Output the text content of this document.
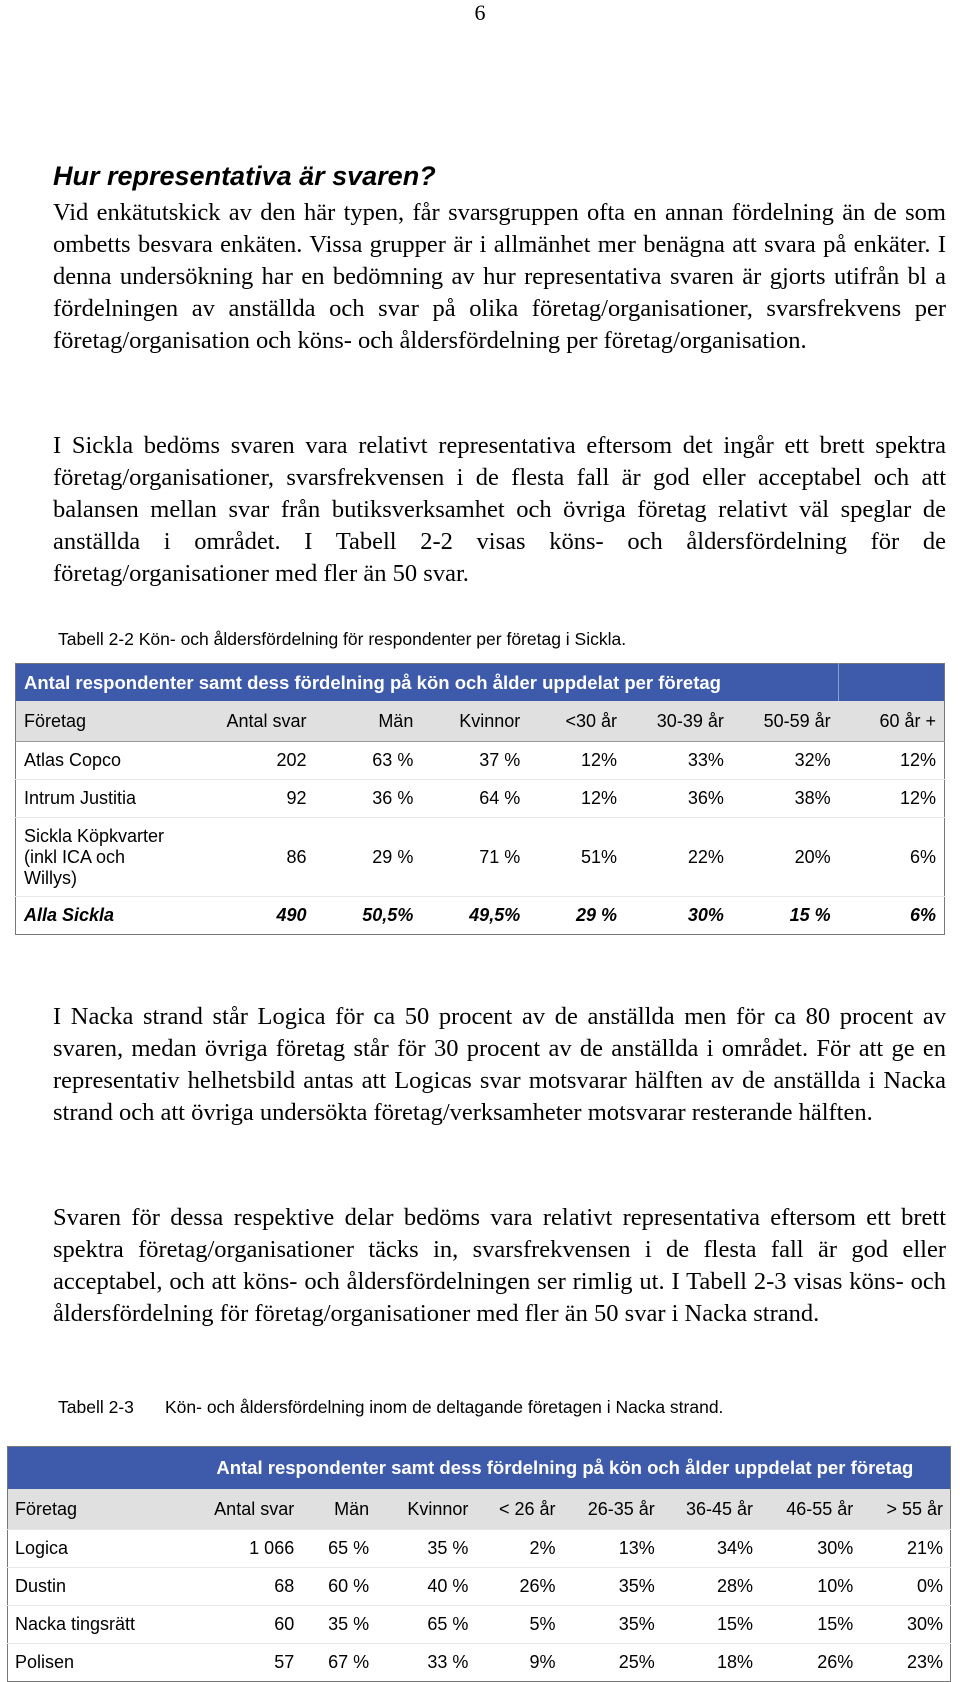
6
Hur representativa är svaren?
Vid enkätutskick av den här typen, får svarsgruppen ofta en annan fördelning än de som ombetts besvara enkäten. Vissa grupper är i allmänhet mer benägna att svara på enkäter. I denna undersökning har en bedömning av hur representativa svaren är gjorts utifrån bl a fördelningen av anställda och svar på olika företag/organisationer, svarsfrekvens per företag/organisation och köns- och åldersfördelning per företag/organisation.
I Sickla bedöms svaren vara relativt representativa eftersom det ingår ett brett spektra företag/organisationer, svarsfrekvensen i de flesta fall är god eller acceptabel och att balansen mellan svar från butiksverksamhet och övriga företag relativt väl speglar de anställda i området. I Tabell 2-2 visas köns- och åldersfördelning för de företag/organisationer med fler än 50 svar.
Tabell 2-2 Kön- och åldersfördelning för respondenter per företag i Sickla.
Antal respondenter samt dess fördelning på kön och ålder uppdelat per företag							
Företag	Antal svar	Män	Kvinnor	<30 år	30-39 år	50-59 år	60 år +
Atlas Copco	202	63 %	37 %	12%	33%	32%	12%
Intrum Justitia	92	36 %	64 %	12%	36%	38%	12%
Sickla Köpkvarter (inkl ICA och Willys)	86	29 %	71 %	51%	22%	20%	6%
Alla Sickla	490	50,5%	49,5%	29 %	30%	15 %	6%
I Nacka strand står Logica för ca 50 procent av de anställda men för ca 80 procent av svaren, medan övriga företag står för 30 procent av de anställda i området. För att ge en representativ helhetsbild antas att Logicas svar motsvarar hälften av de anställda i Nacka strand och att övriga undersökta företag/verksamheter motsvarar resterande hälften.
Svaren för dessa respektive delar bedöms vara relativt representativa eftersom ett brett spektra företag/organisationer täcks in, svarsfrekvensen i de flesta fall är god eller acceptabel, och att köns- och åldersfördelningen ser rimlig ut. I Tabell 2-3 visas köns- och åldersfördelning för företag/organisationer med fler än 50 svar i Nacka strand.
Tabell 2-3 Kön- och åldersfördelning inom de deltagande företagen i Nacka strand.
	Antal respondenter samt dess fördelning på kön och ålder uppdelat per företag							
Företag	Antal svar	Män	Kvinnor	< 26 år	26-35 år	36-45 år	46-55 år	> 55 år
Logica	1 066	65 %	35 %	2%	13%	34%	30%	21%
Dustin	68	60 %	40 %	26%	35%	28%	10%	0%
Nacka tingsrätt	60	35 %	65 %	5%	35%	15%	15%	30%
Polisen	57	67 %	33 %	9%	25%	18%	26%	23%
